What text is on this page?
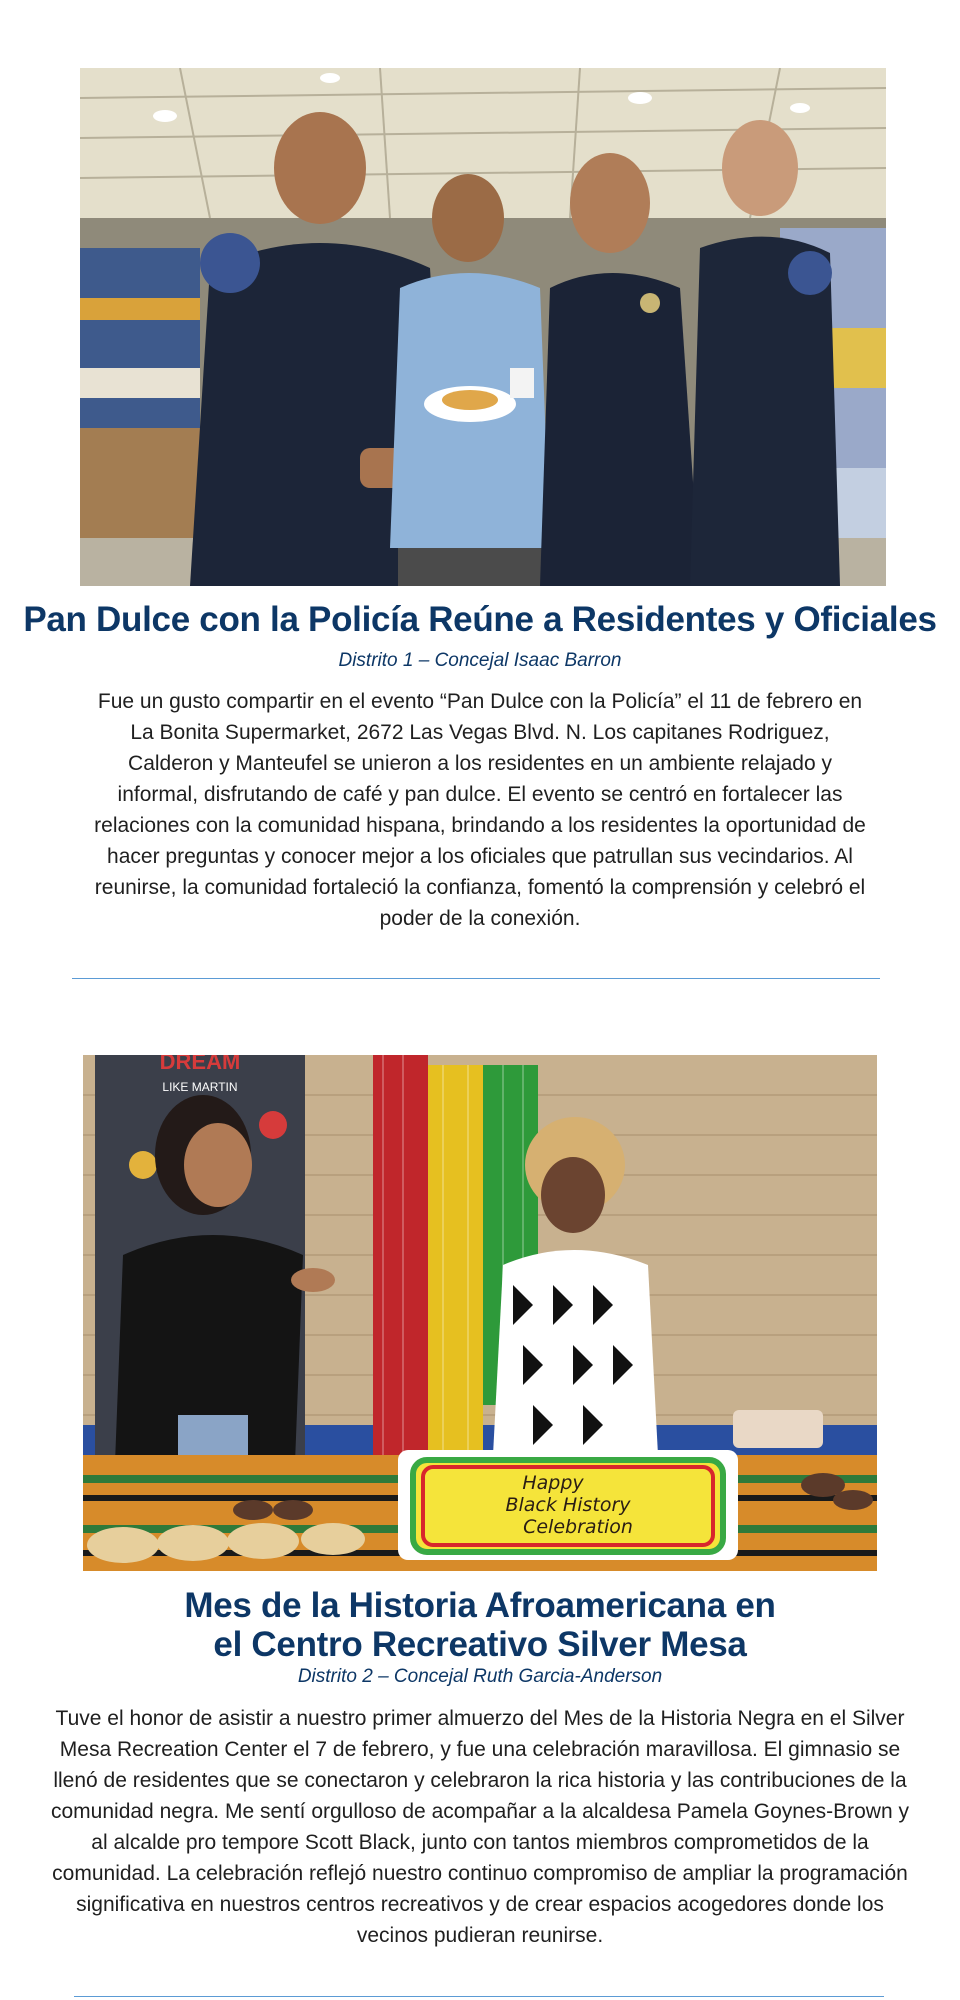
Pan Dulce con la Policía Reúne a Residentes y Oficiales
Distrito 1 – Concejal Isaac Barron
Fue un gusto compartir en el evento “Pan Dulce con la Policía” el 11 de febrero en La Bonita Supermarket, 2672 Las Vegas Blvd. N. Los capitanes Rodriguez, Calderon y Manteufel se unieron a los residentes en un ambiente relajado y informal, disfrutando de café y pan dulce. El evento se centró en fortalecer las relaciones con la comunidad hispana, brindando a los residentes la oportunidad de hacer preguntas y conocer mejor a los oficiales que patrullan sus vecindarios. Al reunirse, la comunidad fortaleció la confianza, fomentó la comprensión y celebró el poder de la conexión.
DREAM
LIKE MARTIN
Happy
Black History
Celebration
Mes de la Historia Afroamericana en
el Centro Recreativo Silver Mesa
Distrito 2 – Concejal Ruth Garcia-Anderson
Tuve el honor de asistir a nuestro primer almuerzo del Mes de la Historia Negra en el Silver Mesa Recreation Center el 7 de febrero, y fue una celebración maravillosa. El gimnasio se llenó de residentes que se conectaron y celebraron la rica historia y las contribuciones de la comunidad negra. Me sentí orgulloso de acompañar a la alcaldesa Pamela Goynes-Brown y al alcalde pro tempore Scott Black, junto con tantos miembros comprometidos de la comunidad. La celebración reflejó nuestro continuo compromiso de ampliar la programación significativa en nuestros centros recreativos y de crear espacios acogedores donde los vecinos pudieran reunirse.
